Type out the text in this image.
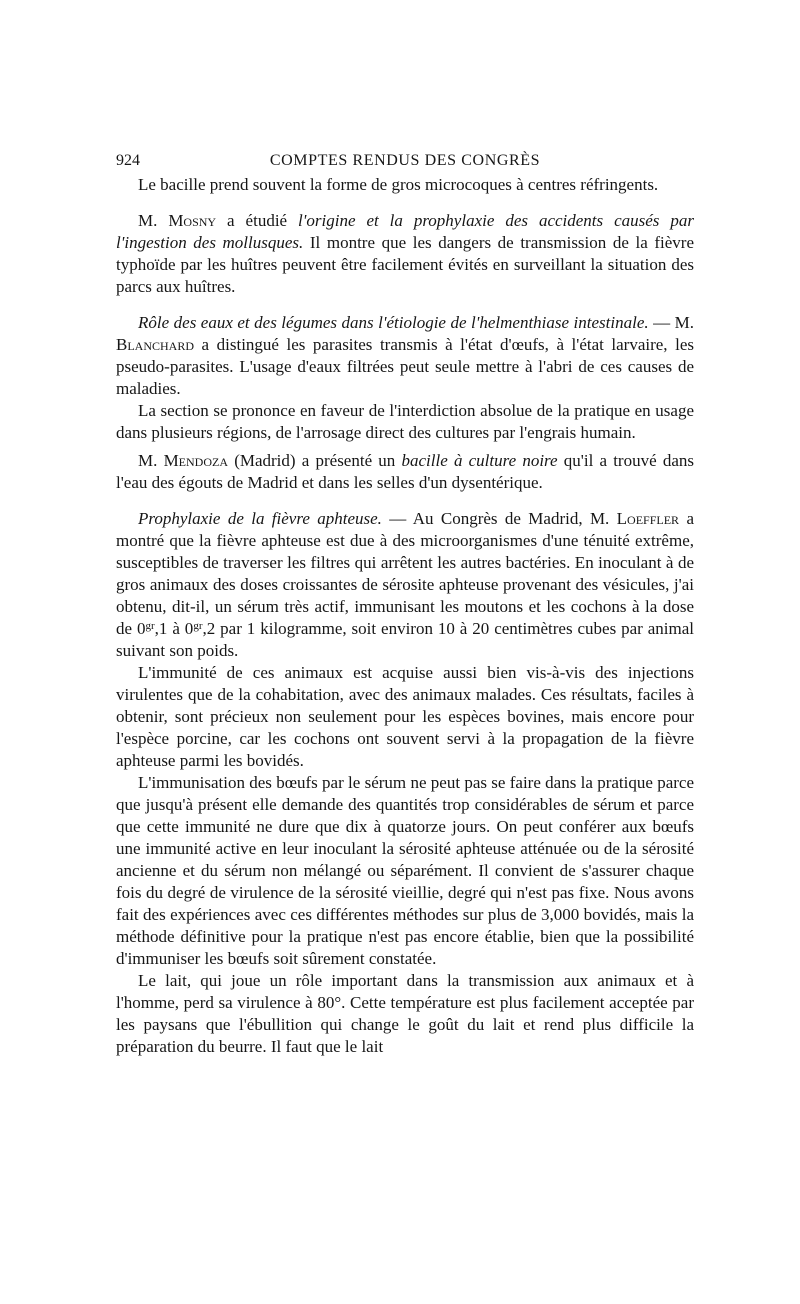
924	COMPTES RENDUS DES CONGRÈS

Le bacille prend souvent la forme de gros microcoques à centres réfringents.

M. Mosny a étudié l'origine et la prophylaxie des accidents causés par l'ingestion des mollusques. Il montre que les dangers de transmission de la fièvre typhoïde par les huîtres peuvent être facilement évités en surveillant la situation des parcs aux huîtres.

Rôle des eaux et des légumes dans l'étiologie de l'helmenthiase intestinale. — M. Blanchard a distingué les parasites transmis à l'état d'œufs, à l'état larvaire, les pseudo-parasites. L'usage d'eaux filtrées peut seule mettre à l'abri de ces causes de maladies.

La section se prononce en faveur de l'interdiction absolue de la pratique en usage dans plusieurs régions, de l'arrosage direct des cultures par l'engrais humain.

M. Mendoza (Madrid) a présenté un bacille à culture noire qu'il a trouvé dans l'eau des égouts de Madrid et dans les selles d'un dysentérique.

Prophylaxie de la fièvre aphteuse. — Au Congrès de Madrid, M. Loeffler a montré que la fièvre aphteuse est due à des microorganismes d'une ténuité extrême, susceptibles de traverser les filtres qui arrêtent les autres bactéries. En inoculant à de gros animaux des doses croissantes de sérosite aphteuse provenant des vésicules, j'ai obtenu, dit-il, un sérum très actif, immunisant les moutons et les cochons à la dose de $0^{gr},1$ à $0^{gr},2$ par 1 kilogramme, soit environ 10 à 20 centimètres cubes par animal suivant son poids.

L'immunité de ces animaux est acquise aussi bien vis-à-vis des injections virulentes que de la cohabitation, avec des animaux malades. Ces résultats, faciles à obtenir, sont précieux non seulement pour les espèces bovines, mais encore pour l'espèce porcine, car les cochons ont souvent servi à la propagation de la fièvre aphteuse parmi les bovidés.

L'immunisation des bœufs par le sérum ne peut pas se faire dans la pratique parce que jusqu'à présent elle demande des quantités trop considérables de sérum et parce que cette immunité ne dure que dix à quatorze jours. On peut conférer aux bœufs une immunité active en leur inoculant la sérosité aphteuse atténuée ou de la sérosité ancienne et du sérum non mélangé ou séparément. Il convient de s'assurer chaque fois du degré de virulence de la sérosité vieillie, degré qui n'est pas fixe. Nous avons fait des expériences avec ces différentes méthodes sur plus de 3,000 bovidés, mais la méthode définitive pour la pratique n'est pas encore établie, bien que la possibilité d'immuniser les bœufs soit sûrement constatée.

Le lait, qui joue un rôle important dans la transmission aux animaux et à l'homme, perd sa virulence à 80°. Cette température est plus facilement acceptée par les paysans que l'ébullition qui change le goût du lait et rend plus difficile la préparation du beurre. Il faut que le lait
